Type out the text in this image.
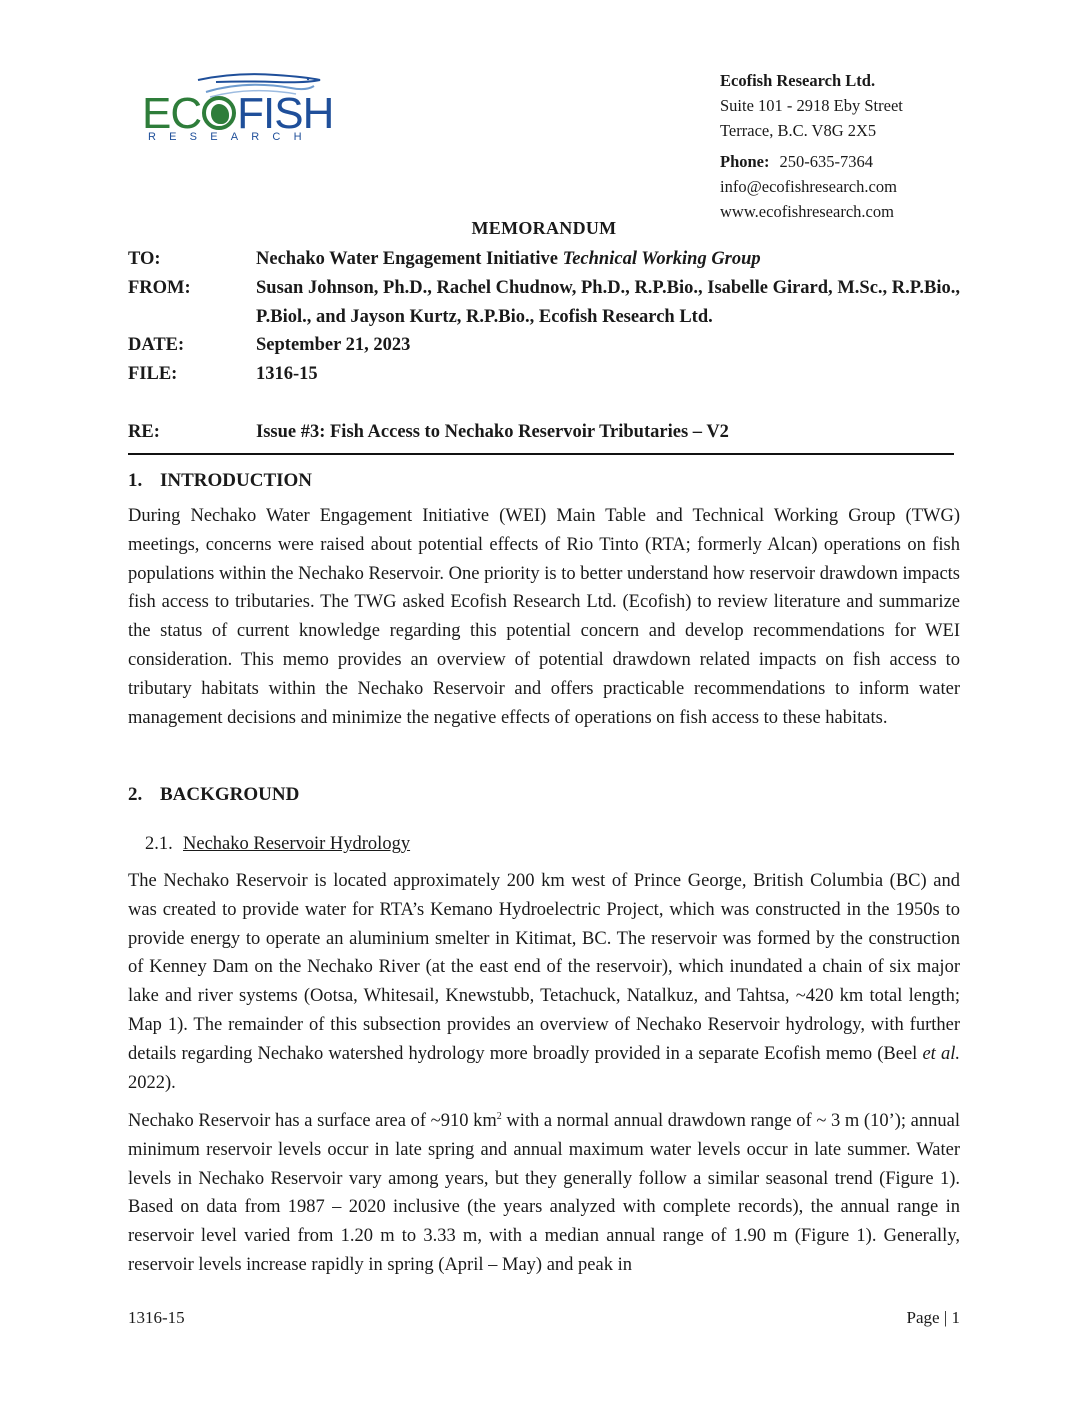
EC FISH
RESEARCH
Ecofish Research Ltd.
Suite 101 - 2918 Eby Street
Terrace, B.C. V8G 2X5
Phone: 250-635-7364
info@ecofishresearch.com
www.ecofishresearch.com
MEMORANDUM
TO:	Nechako Water Engagement Initiative Technical Working Group
FROM:	Susan Johnson, Ph.D., Rachel Chudnow, Ph.D., R.P.Bio., Isabelle Girard, M.Sc., R.P.Bio., P.Biol., and Jayson Kurtz, R.P.Bio., Ecofish Research Ltd.
DATE:	September 21, 2023
FILE:	1316-15
RE:	Issue #3: Fish Access to Nechako Reservoir Tributaries – V2
1. INTRODUCTION
During Nechako Water Engagement Initiative (WEI) Main Table and Technical Working Group (TWG) meetings, concerns were raised about potential effects of Rio Tinto (RTA; formerly Alcan) operations on fish populations within the Nechako Reservoir. One priority is to better understand how reservoir drawdown impacts fish access to tributaries. The TWG asked Ecofish Research Ltd. (Ecofish) to review literature and summarize the status of current knowledge regarding this potential concern and develop recommendations for WEI consideration. This memo provides an overview of potential drawdown related impacts on fish access to tributary habitats within the Nechako Reservoir and offers practicable recommendations to inform water management decisions and minimize the negative effects of operations on fish access to these habitats.
2. BACKGROUND
2.1. Nechako Reservoir Hydrology
The Nechako Reservoir is located approximately 200 km west of Prince George, British Columbia (BC) and was created to provide water for RTA’s Kemano Hydroelectric Project, which was constructed in the 1950s to provide energy to operate an aluminium smelter in Kitimat, BC. The reservoir was formed by the construction of Kenney Dam on the Nechako River (at the east end of the reservoir), which inundated a chain of six major lake and river systems (Ootsa, Whitesail, Knewstubb, Tetachuck, Natalkuz, and Tahtsa, ~420 km total length; Map 1). The remainder of this subsection provides an overview of Nechako Reservoir hydrology, with further details regarding Nechako watershed hydrology more broadly provided in a separate Ecofish memo (Beel et al. 2022).
Nechako Reservoir has a surface area of ~910 $km^2$ with a normal annual drawdown range of ~ 3 m (10’); annual minimum reservoir levels occur in late spring and annual maximum water levels occur in late summer. Water levels in Nechako Reservoir vary among years, but they generally follow a similar seasonal trend (Figure 1). Based on data from 1987 – 2020 inclusive (the years analyzed with complete records), the annual range in reservoir level varied from 1.20 m to 3.33 m, with a median annual range of 1.90 m (Figure 1). Generally, reservoir levels increase rapidly in spring (April – May) and peak in
1316-15	Page | 1
